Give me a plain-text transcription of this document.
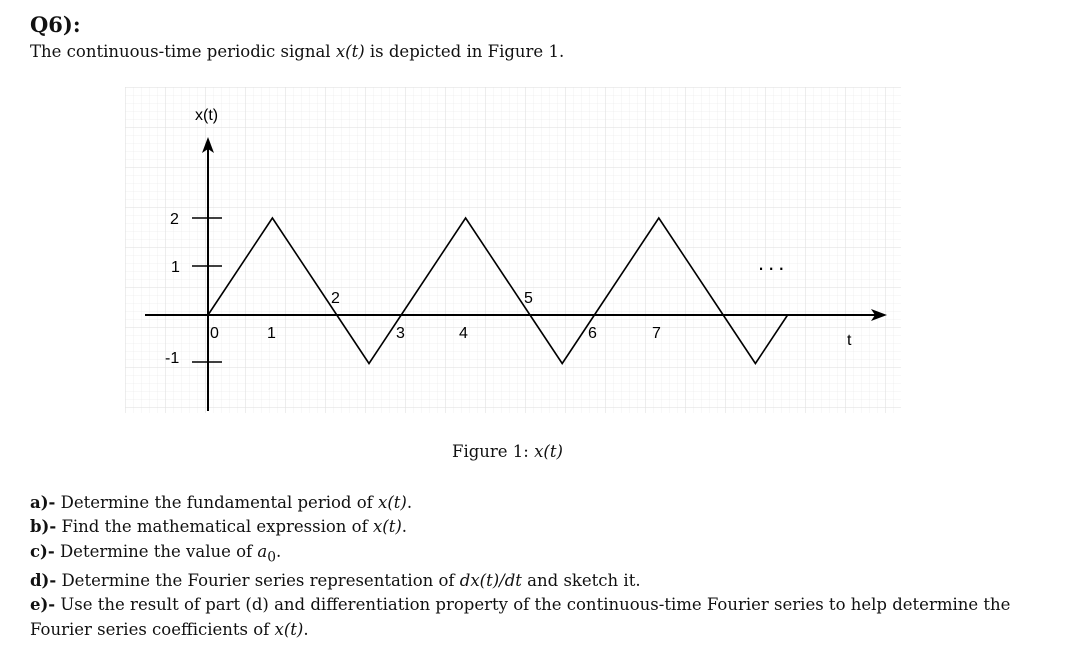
Q6):
The continuous-time periodic signal x(t) is depicted in Figure 1.
x(t)
2
1
-1
0	1
2
3	4
5
6	7	t
...
Figure 1: x(t)
a)- Determine the fundamental period of x(t).
b)- Find the mathematical expression of x(t).
c)- Determine the value of $a_0$.
d)- Determine the Fourier series representation of dx(t)/dt and sketch it.
e)- Use the result of part (d) and differentiation property of the continuous-time Fourier series to help determine the Fourier series coefficients of x(t).
